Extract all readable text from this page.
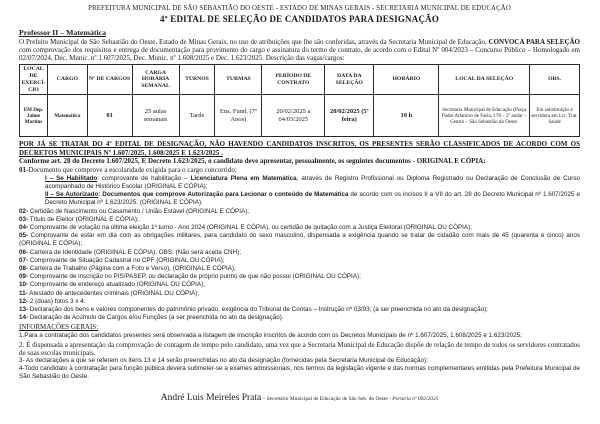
PREFEITURA MUNICIPAL DE SÃO SEBASTIÃO DO OESTE - ESTADO DE MINAS GERAIS - SECRETARIA MUNICIPAL DE EDUCAÇÃO
4º EDITAL DE SELEÇÃO DE CANDIDATOS PARA DESIGNAÇÃO
Professor II – Matemática

O Prefeito Municipal de São Sebastião do Oeste, Estado de Minas Gerais, no uso de atribuições que lhe são conferidas, através da Secretaria Municipal de Educação, CONVOCA PARA SELEÇÃO com comprovação dos requisitos e entrega de documentação para provimento do cargo e assinatura do termo de contrato, de acordo com o Edital Nº 004/2023 – Concurso Público – Homologado em 02/07/2024, Dec. Munic. nº 1.607/2025, Dec. Munic. nº 1.608/2025 e Dec. 1.623/2025. Descrição das vagas/cargos:

LOCAL DE EXERCÍ- CIO	CARGO	Nº DE CARGOS	CARGA HORÁRIA SEMANAL	TURNOS	TURMAS	PERÍODO DE CONTRATO	DATA DA SELEÇÃO	HORÁRIO	LOCAL DA SELEÇÃO	OBS.
EM Dep. Jaime Martins	Matemática	01	25 aulas semanais	Tarde	Ens. Fund. (7º Anos)	20/02/2025 a 04/03/2025	20/02/2025 (5ª feira)	10 h	Secretaria Municipal de Educação (Praça Padre Altamiro de Faria, 178 – 2º andar – Centro – São Sebastião do Oeste.	Em substituição à servidora em Lic. Trat. Saúde

POR JÁ SE TRATAR DO 4º EDITAL DE DESIGNAÇÃO, NÃO HAVENDO CANDIDATOS INSCRITOS, OS PRESENTES SERÃO CLASSIFICADOS DE ACORDO COM OS DECRETOS MUNICIPAIS Nº 1.607/2025, 1.608/2025 E 1.623/2025 .

Conforme art. 28 do Decreto 1.607/2025, E Decreto 1.623/2025, o candidato deve apresentar, pessoalmente, os seguintes documentos - ORIGINAL E CÓPIA:

01-Documento que comprove a escolaridade exigida para o cargo concorrido:

I – Se Habilitado: comprovante de habilitação – Licenciatura Plena em Matemática, através de Registro Profissional ou Diploma Registrado ou Declaração de Conclusão de Curso acompanhado de Histórico Escolar (ORIGINAL E CÓPIA);

II – Se Autorizado: Documentos que comprove Autorização para Lecionar o conteúdo de Matemática de acordo com os incisos II a VII do art. 28 do Decreto Municipal nº 1.607/2025 e Decreto Municipal nº 1.623/2025. (ORIGINAL E CÓPIA).

02- Certidão de Nascimento ou Casamento / União Estável (ORIGINAL E CÓPIA);

03- Título de Eleitor (ORIGINAL E CÓPIA);

04- Comprovante de votação na última eleição 1º turno - Ano 2024 (ORIGINAL E CÓPIA), ou certidão de quitação com a Justiça Eleitoral (ORIGINAL OU CÓPIA);

05- Comprovante de estar em dia com as obrigações militares, para candidato do sexo masculino, dispensada a exigência quando se tratar de cidadão com mais de 45 (quarenta e cinco) anos (ORIGINAL E CÓPIA);

06- Carteira de Identidade (ORIGINAL E CÓPIA). OBS: (Não será aceita CNH);

07- Comprovante de Situação Cadastral no CPF (ORIGINAL OU CÓPIA);

08- Carteira de Trabalho (Página com a Foto e Verso), (ORIGINAL E CÓPIA);

09- Comprovante de inscrição no PIS/PASEP, ou declaração de próprio punho de que não possui (ORIGINAL OU CÓPIA);

10- Comprovante de endereço atualizado (ORIGINAL OU CÓPIA);

11- Atestado de antecedentes criminais (ORIGINAL OU CÓPIA);

12- 2 (duas) fotos 3 x 4.

13- Declaração dos bens e valores componentes do patrimônio privado, exigência do Tribunal de Contas – Instrução nº 03/93; (a ser preenchida no ato da designação);

14- Declaração de Acúmulo de Cargos e/ou Funções (a ser preenchida no ato da designação).

INFORMAÇÕES GERAIS:

1.Para a contratação dos candidatos presentes será observada a listagem de inscrição inscritos de acordo com os Decretos Municipais de nº 1.607/2025, 1.608/2025 e 1.623/2025;

2. É dispensada a apresentação da comprovação de contagem de tempo pelo candidato, uma vez que a Secretaria Municipal de Educação dispõe de relação de tempo de todos os servidores contratados de suas escolas municipais.

3- As declarações a que se referem os itens 13 e 14 serão preenchidas no ato da designação (fornecidas pela Secretaria Municipal de Educação);

4-Todo candidato à contratação para função pública deverá submeter-se a exames admissionais, nos termos da legislação vigente e das normas complementares emitidas pela Prefeitura Municipal de São Sebastião do Oeste.

André Luis Meireles Prata – Secretário Municipal de Educação de São Seb. do Oeste - Portaria nº 002/2025
